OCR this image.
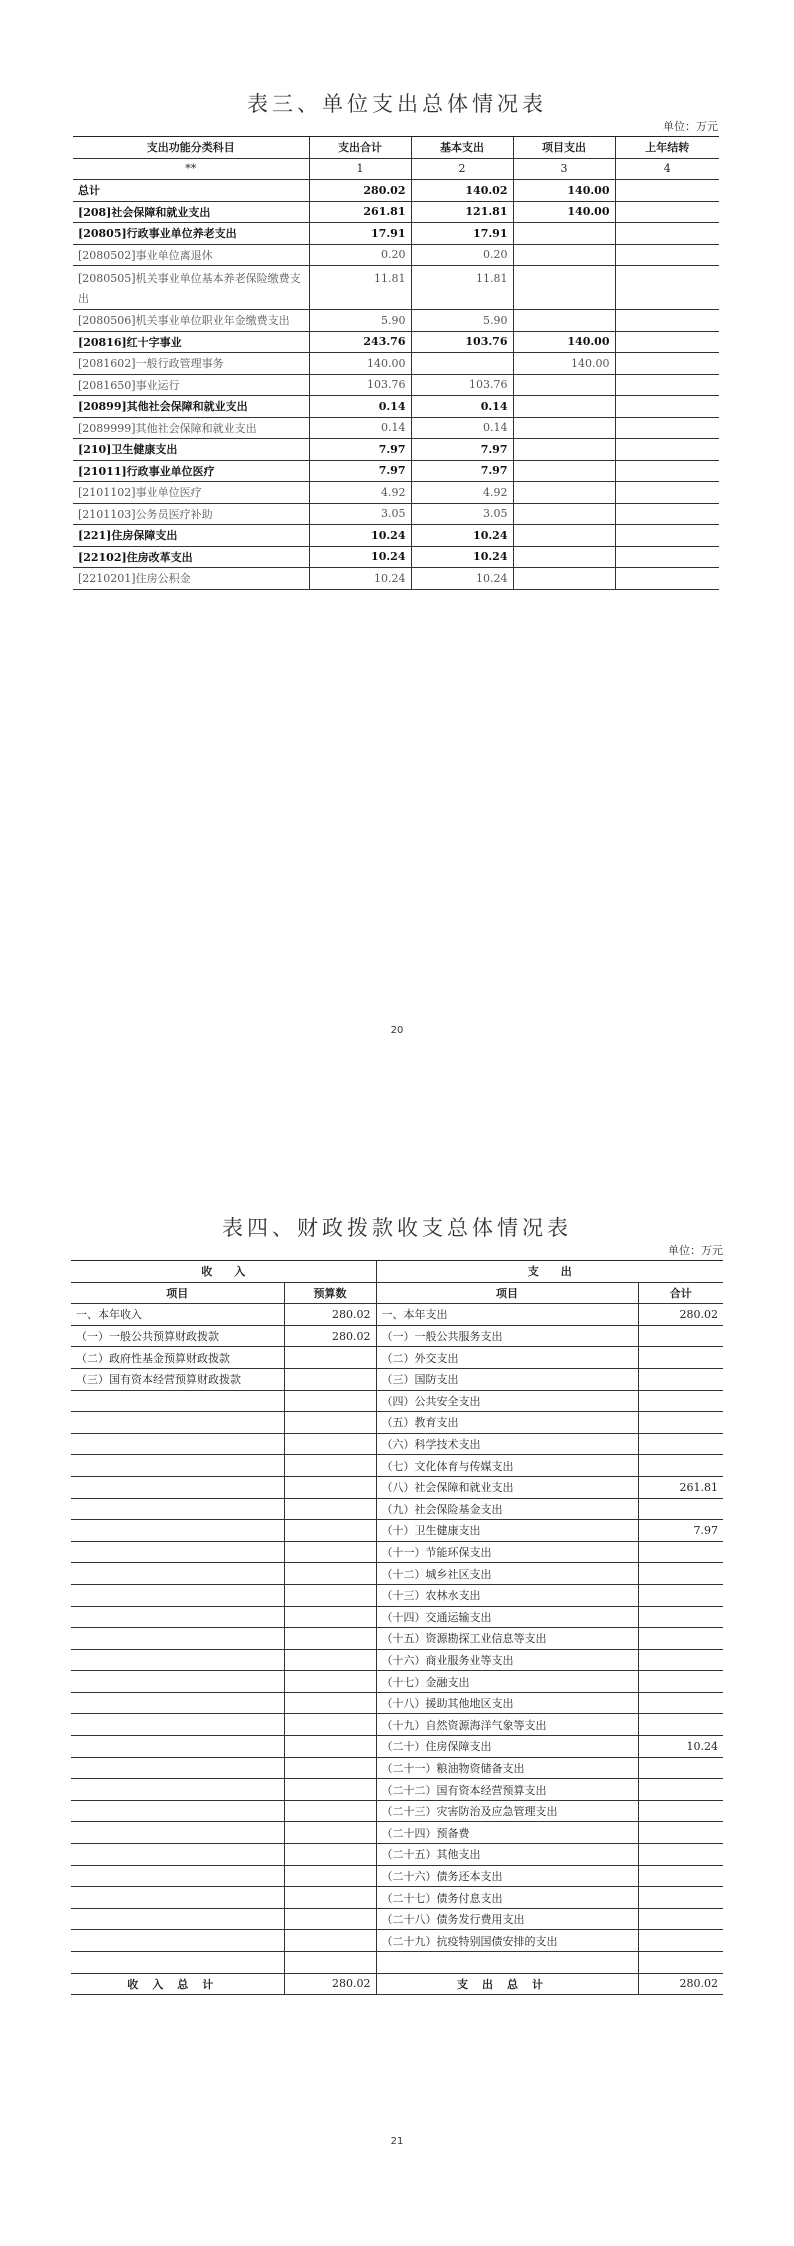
表三、单位支出总体情况表
单位：万元
支出功能分类科目	支出合计	基本支出	项目支出	上年结转
**	1	2	3	4
总计	280.02	140.02	140.00	
[208]社会保障和就业支出	261.81	121.81	140.00	
[20805]行政事业单位养老支出	17.91	17.91		
[2080502]事业单位离退休	0.20	0.20		
[2080505]机关事业单位基本养老保险缴费支出	11.81	11.81		
[2080506]机关事业单位职业年金缴费支出	5.90	5.90		
[20816]红十字事业	243.76	103.76	140.00	
[2081602]一般行政管理事务	140.00		140.00	
[2081650]事业运行	103.76	103.76		
[20899]其他社会保障和就业支出	0.14	0.14		
[2089999]其他社会保障和就业支出	0.14	0.14		
[210]卫生健康支出	7.97	7.97		
[21011]行政事业单位医疗	7.97	7.97		
[2101102]事业单位医疗	4.92	4.92		
[2101103]公务员医疗补助	3.05	3.05		
[221]住房保障支出	10.24	10.24		
[22102]住房改革支出	10.24	10.24		
[2210201]住房公积金	10.24	10.24		
20
表四、财政拨款收支总体情况表
单位：万元
收　　入		支　　出	
项目	预算数	项目	合计
一、本年收入	280.02	一、本年支出	280.02
（一）一般公共预算财政拨款	280.02	（一）一般公共服务支出	
（二）政府性基金预算财政拨款		（二）外交支出	
（三）国有资本经营预算财政拨款		（三）国防支出	
		（四）公共安全支出	
		（五）教育支出	
		（六）科学技术支出	
		（七）文化体育与传媒支出	
		（八）社会保障和就业支出	261.81
		（九）社会保险基金支出	
		（十）卫生健康支出	7.97
		（十一）节能环保支出	
		（十二）城乡社区支出	
		（十三）农林水支出	
		（十四）交通运输支出	
		（十五）资源勘探工业信息等支出	
		（十六）商业服务业等支出	
		（十七）金融支出	
		（十八）援助其他地区支出	
		（十九）自然资源海洋气象等支出	
		（二十）住房保障支出	10.24
		（二十一）粮油物资储备支出	
		（二十二）国有资本经营预算支出	
		（二十三）灾害防治及应急管理支出	
		（二十四）预备费	
		（二十五）其他支出	
		（二十六）债务还本支出	
		（二十七）债务付息支出	
		（二十八）债务发行费用支出	
		（二十九）抗疫特别国债安排的支出	

收入总计	280.02	支出总计	280.02
21
